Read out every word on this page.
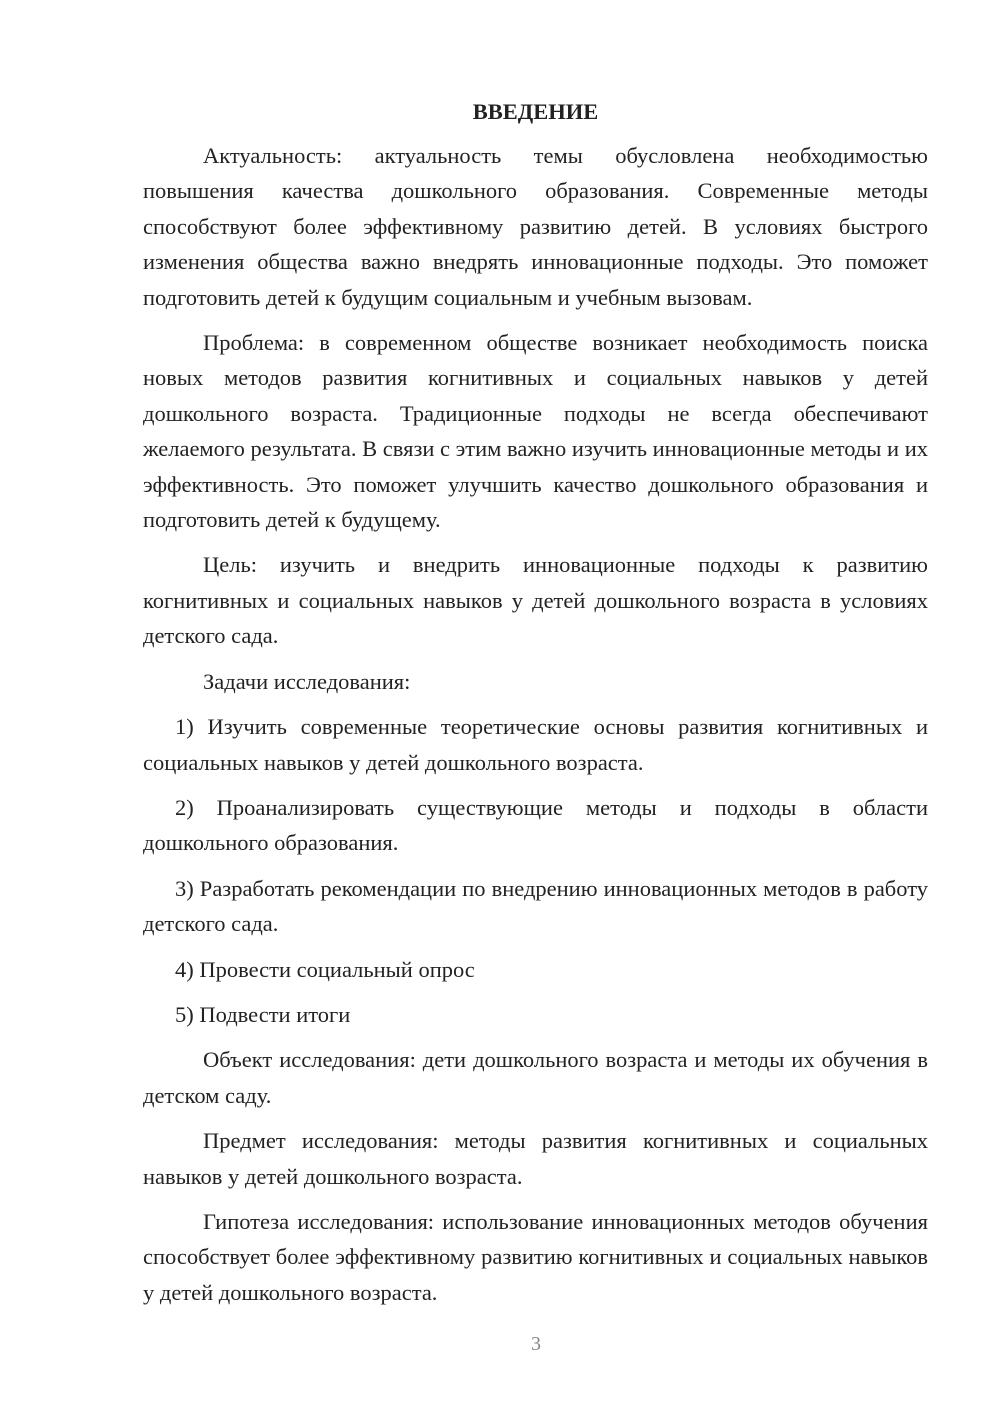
ВВЕДЕНИЕ

Актуальность: актуальность темы обусловлена необходимостью повышения качества дошкольного образования. Современные методы способствуют более эффективному развитию детей. В условиях быстрого изменения общества важно внедрять инновационные подходы. Это поможет подготовить детей к будущим социальным и учебным вызовам.

Проблема: в современном обществе возникает необходимость поиска новых методов развития когнитивных и социальных навыков у детей дошкольного возраста. Традиционные подходы не всегда обеспечивают желаемого результата. В связи с этим важно изучить инновационные методы и их эффективность. Это поможет улучшить качество дошкольного образования и подготовить детей к будущему.

Цель: изучить и внедрить инновационные подходы к развитию когнитивных и социальных навыков у детей дошкольного возраста в условиях детского сада.

Задачи исследования:

1) Изучить современные теоретические основы развития когнитивных и социальных навыков у детей дошкольного возраста.

2) Проанализировать существующие методы и подходы в области дошкольного образования.

3) Разработать рекомендации по внедрению инновационных методов в работу детского сада.

4) Провести социальный опрос

5) Подвести итоги

Объект исследования: дети дошкольного возраста и методы их обучения в детском саду.

Предмет исследования: методы развития когнитивных и социальных навыков у детей дошкольного возраста.

Гипотеза исследования: использование инновационных методов обучения способствует более эффективному развитию когнитивных и социальных навыков у детей дошкольного возраста.

3
